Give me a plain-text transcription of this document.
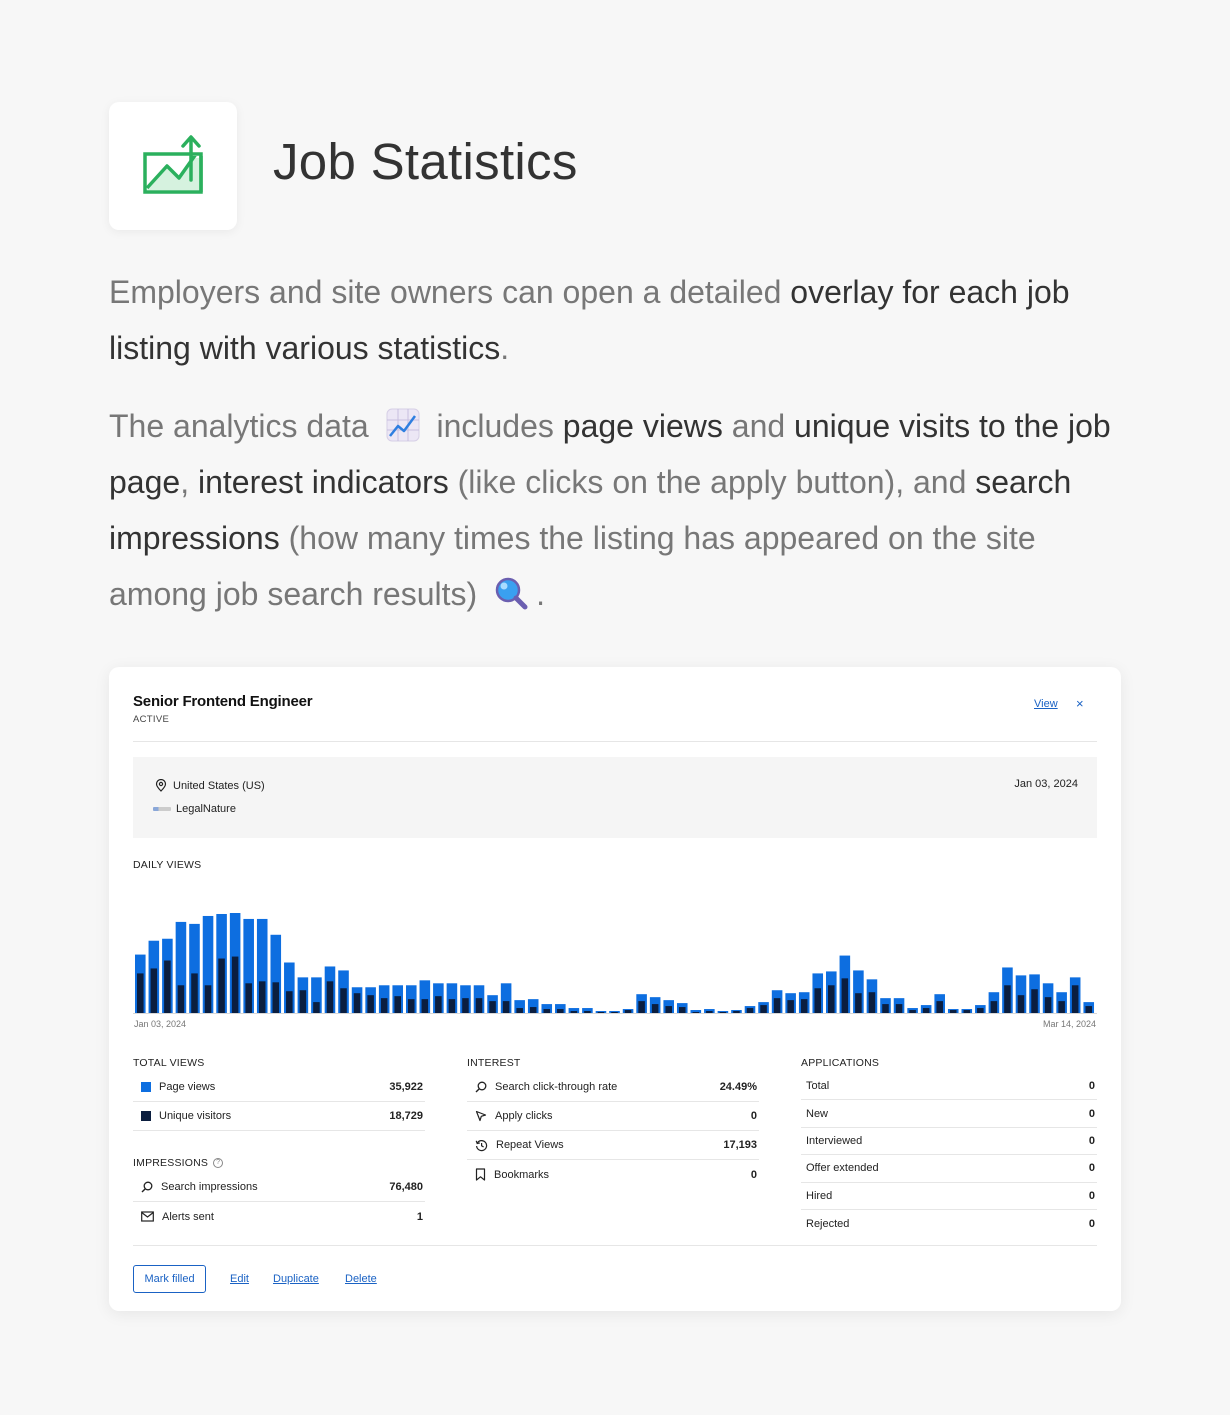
Job Statistics

Employers and site owners can open a detailed overlay for each job listing with various statistics.

The analytics data  includes page views and unique visits to the job page, interest indicators (like clicks on the apply button), and search impressions (how many times the listing has appeared on the site among job search results) .

Senior Frontend Engineer
ACTIVE
View ×
United States (US)
LegalNature
Jan 03, 2024
DAILY VIEWS
Jan 03, 2024	Mar 14, 2024
TOTAL VIEWS
Page views	35,922
Unique visitors	18,729
IMPRESSIONS	?
Search impressions	76,480
Alerts sent	1
INTEREST
Search click-through rate	24.49%
Apply clicks	0
Repeat Views	17,193
Bookmarks	0
APPLICATIONS
Total	0
New	0
Interviewed	0
Offer extended	0
Hired	0
Rejected	0
Mark filled	Edit Duplicate Delete
